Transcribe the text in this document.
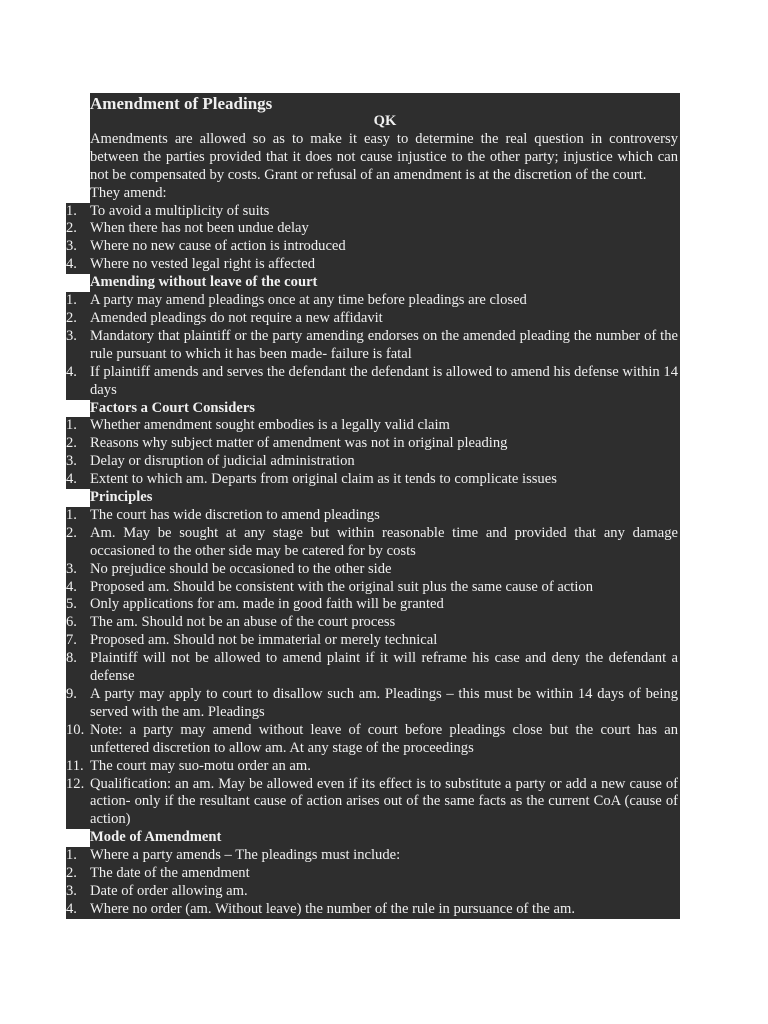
Amendment of Pleadings
QK
Amendments are allowed so as to make it easy to determine the real question in controversy between the parties provided that it does not cause injustice to the other party; injustice which can not be compensated by costs. Grant or refusal of an amendment is at the discretion of the court.
They amend:
1. To avoid a multiplicity of suits
2. When there has not been undue delay
3. Where no new cause of action is introduced
4. Where no vested legal right is affected
Amending without leave of the court
1. A party may amend pleadings once at any time before pleadings are closed
2. Amended pleadings do not require a new affidavit
3. Mandatory that plaintiff or the party amending endorses on the amended pleading the number of the rule pursuant to which it has been made- failure is fatal
4. If plaintiff amends and serves the defendant the defendant is allowed to amend his defense within 14 days
Factors a Court Considers
1. Whether amendment sought embodies is a legally valid claim
2. Reasons why subject matter of amendment was not in original pleading
3. Delay or disruption of judicial administration
4. Extent to which am. Departs from original claim as it tends to complicate issues
Principles
1. The court has wide discretion to amend pleadings
2. Am. May be sought at any stage but within reasonable time and provided that any damage occasioned to the other side may be catered for by costs
3. No prejudice should be occasioned to the other side
4. Proposed am. Should be consistent with the original suit plus the same cause of action
5. Only applications for am. made in good faith will be granted
6. The am. Should not be an abuse of the court process
7. Proposed am. Should not be immaterial or merely technical
8. Plaintiff will not be allowed to amend plaint if it will reframe his case and deny the defendant a defense
9. A party may apply to court to disallow such am. Pleadings – this must be within 14 days of being served with the am. Pleadings
10. Note: a party may amend without leave of court before pleadings close but the court has an unfettered discretion to allow am. At any stage of the proceedings
11. The court may suo-motu order an am.
12. Qualification: an am. May be allowed even if its effect is to substitute a party or add a new cause of action- only if the resultant cause of action arises out of the same facts as the current CoA (cause of action)
Mode of Amendment
1. Where a party amends – The pleadings must include:
2. The date of the amendment
3. Date of order allowing am.
4. Where no order (am. Without leave) the number of the rule in pursuance of the am.
